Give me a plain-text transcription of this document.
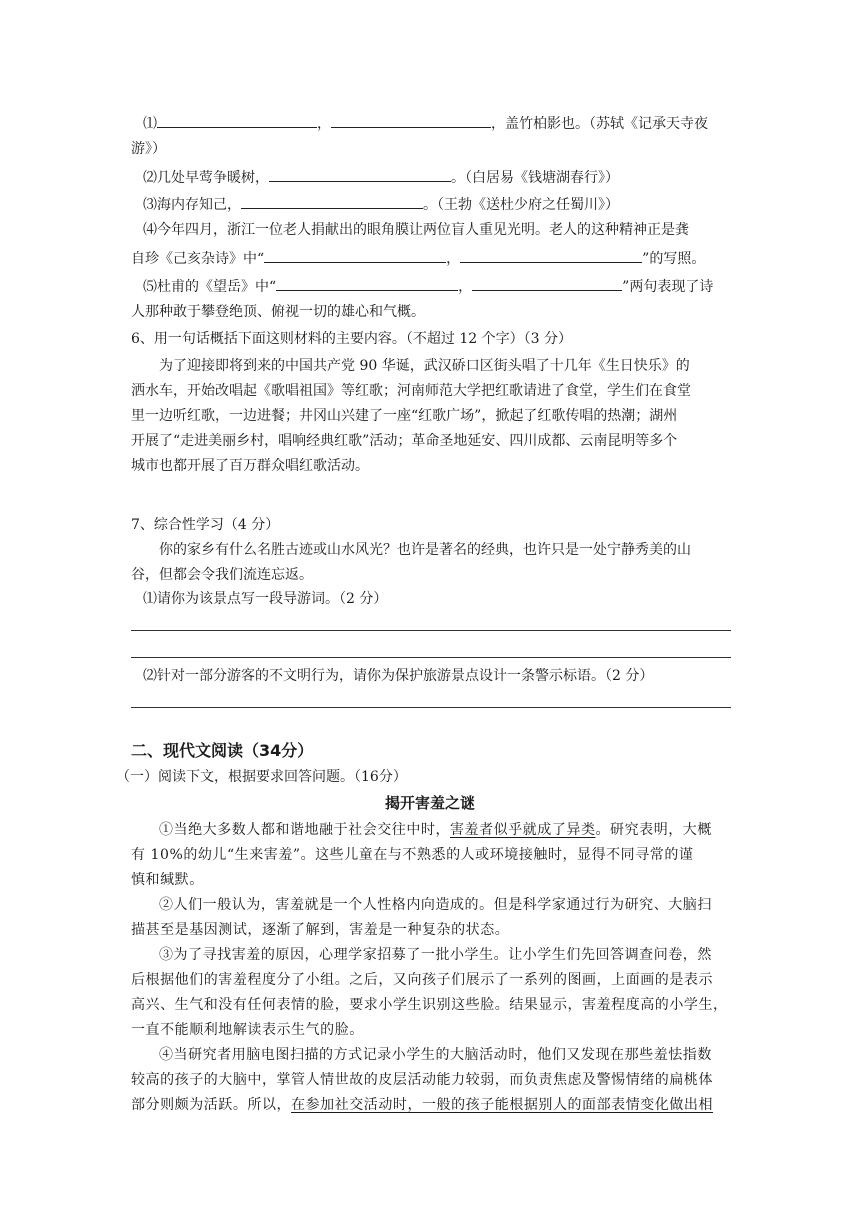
⑴	，	，盖竹柏影也。（苏轼《记承天寺夜
游》）
⑵几处早莺争暖树，	。（白居易《钱塘湖春行》）
⑶海内存知己，	。（王勃《送杜少府之任蜀川》）
⑷今年四月，浙江一位老人捐献出的眼角膜让两位盲人重见光明。老人的这种精神正是龚
自珍《己亥杂诗》中“	，	”的写照。
⑸杜甫的《望岳》中“	，	”两句表现了诗
人那种敢于攀登绝顶、俯视一切的雄心和气概。
6、用一句话概括下面这则材料的主要内容。（不超过 12 个字）（3 分）
为了迎接即将到来的中国共产党 90 华诞，武汉硚口区街头唱了十几年《生日快乐》的
洒水车，开始改唱起《歌唱祖国》等红歌；河南师范大学把红歌请进了食堂，学生们在食堂
里一边听红歌，一边进餐；井冈山兴建了一座“红歌广场”，掀起了红歌传唱的热潮；湖州
开展了“走进美丽乡村，唱响经典红歌”活动；革命圣地延安、四川成都、云南昆明等多个
城市也都开展了百万群众唱红歌活动。
7、综合性学习（4 分）
你的家乡有什么名胜古迹或山水风光？也许是著名的经典，也许只是一处宁静秀美的山
谷，但都会令我们流连忘返。
⑴请你为该景点写一段导游词。（2 分）
⑵针对一部分游客的不文明行为，请你为保护旅游景点设计一条警示标语。（2 分）
二、现代文阅读（34分）
（一）阅读下文，根据要求回答问题。（16分）
揭开害羞之谜
①当绝大多数人都和谐地融于社会交往中时，害羞者似乎就成了异类。研究表明，大概
有 10%的幼儿“生来害羞”。这些儿童在与不熟悉的人或环境接触时，显得不同寻常的谨
慎和缄默。
②人们一般认为，害羞就是一个人性格内向造成的。但是科学家通过行为研究、大脑扫
描甚至是基因测试，逐渐了解到，害羞是一种复杂的状态。
③为了寻找害羞的原因，心理学家招募了一批小学生。让小学生们先回答调查问卷，然
后根据他们的害羞程度分了小组。之后，又向孩子们展示了一系列的图画，上面画的是表示
高兴、生气和没有任何表情的脸，要求小学生识别这些脸。结果显示，害羞程度高的小学生，
一直不能顺利地解读表示生气的脸。
④当研究者用脑电图扫描的方式记录小学生的大脑活动时，他们又发现在那些羞怯指数
较高的孩子的大脑中，掌管人情世故的皮层活动能力较弱，而负责焦虑及警惕情绪的扁桃体
部分则颇为活跃。所以，在参加社交活动时，一般的孩子能根据别人的面部表情变化做出相
